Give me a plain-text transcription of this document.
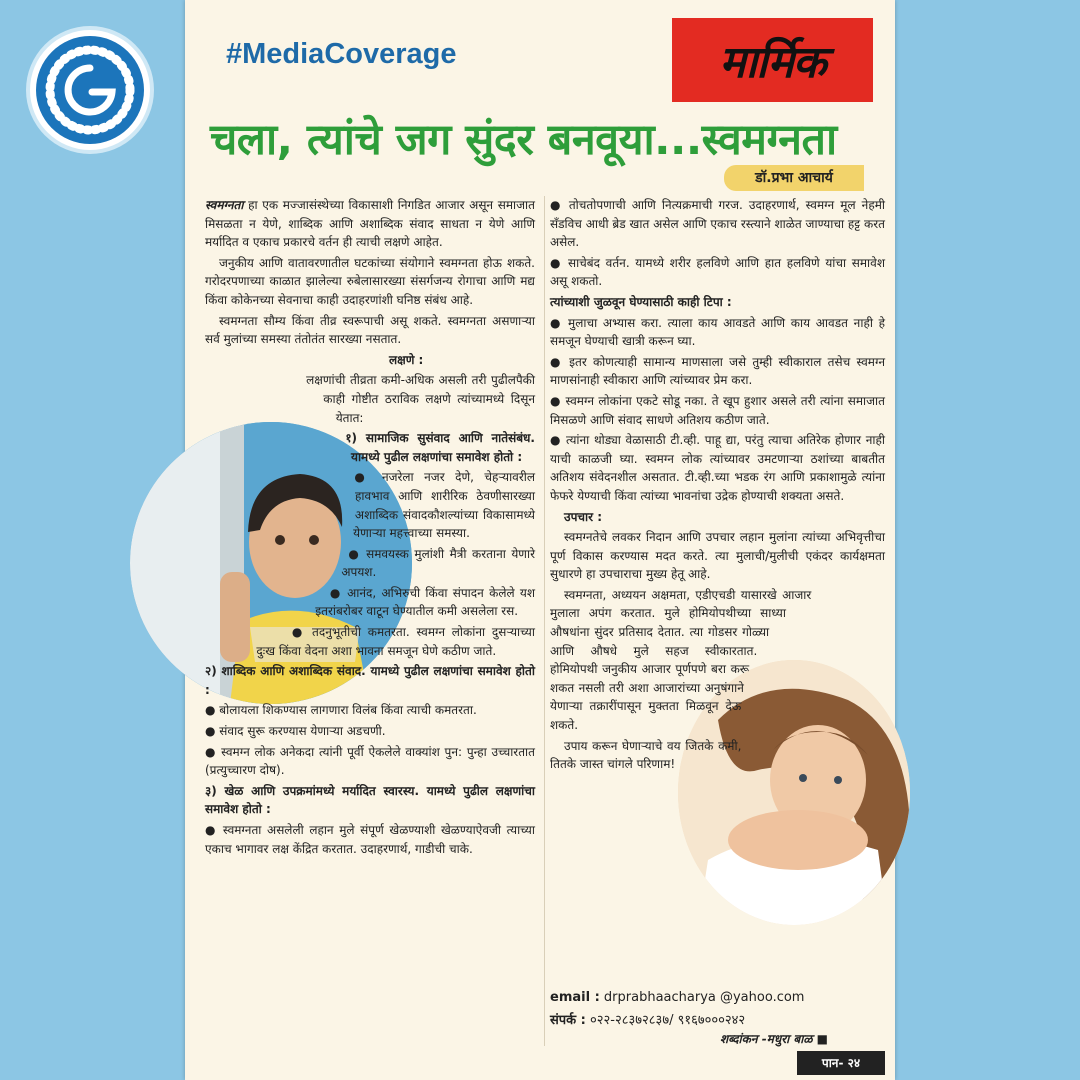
#MediaCoverage	मार्मिक
चला, त्यांचे जग सुंदर बनवूया...स्वमग्नता
डॉ.प्रभा आचार्य

स्वमग्नता हा एक मज्जासंस्थेच्या विकासाशी निगडित आजार असून समाजात मिसळता न येणे, शाब्दिक आणि अशाब्दिक संवाद साधता न येणे आणि मर्यादित व एकाच प्रकारचे वर्तन ही त्याची लक्षणे आहेत.

जनुकीय आणि वातावरणातील घटकांच्या संयोगाने स्वमग्नता होऊ शकते. गरोदरपणाच्या काळात झालेल्या रुबेलासारख्या संसर्गजन्य रोगाचा आणि मद्य किंवा कोकेनच्या सेवनाचा काही उदाहरणांशी घनिष्ठ संबंध आहे.

स्वमग्नता सौम्य किंवा तीव्र स्वरूपाची असू शकते. स्वमग्नता असणाऱ्या सर्व मुलांच्या समस्या तंतोतंत सारख्या नसतात.

लक्षणे :

लक्षणांची तीव्रता कमी-अधिक असली तरी पुढीलपैकी काही गोष्टीत ठराविक लक्षणे त्यांच्यामध्ये दिसून येतात:

१) सामाजिक सुसंवाद आणि नातेसंबंध. यामध्ये पुढील लक्षणांचा समावेश होतो :

● नजरेला नजर देणे, चेहऱ्यावरील हावभाव आणि शारीरिक ठेवणीसारख्या अशाब्दिक संवादकौशल्यांच्या विकासामध्ये येणाऱ्या महत्त्वाच्या समस्या.

● समवयस्क मुलांशी मैत्री करताना येणारे अपयश.

● आनंद, अभिरुची किंवा संपादन केलेले यश इतरांबरोबर वाटून घेण्यातील कमी असलेला रस.

● तदनुभूतीची कमतरता. स्वमग्न लोकांना दुसऱ्याच्या दुःख किंवा वेदना अशा भावना समजून घेणे कठीण जाते.

२) शाब्दिक आणि अशाब्दिक संवाद. यामध्ये पुढील लक्षणांचा समावेश होतो :

● बोलायला शिकण्यास लागणारा विलंब किंवा त्याची कमतरता.

● संवाद सुरू करण्यास येणाऱ्या अडचणी.

● स्वमग्न लोक अनेकदा त्यांनी पूर्वी ऐकलेले वाक्यांश पुन: पुन्हा उच्चारतात (प्रत्युच्चारण दोष).

३) खेळ आणि उपक्रमांमध्ये मर्यादित स्वारस्य. यामध्ये पुढील लक्षणांचा समावेश होतो :

● स्वमग्नता असलेली लहान मुले संपूर्ण खेळण्याशी खेळण्याऐवजी त्याच्या एकाच भागावर लक्ष केंद्रित करतात. उदाहरणार्थ, गाडीची चाके.

● तोचतोपणाची आणि नित्यक्रमाची गरज. उदाहरणार्थ, स्वमग्न मूल नेहमी सँडविच आधी ब्रेड खात असेल आणि एकाच रस्त्याने शाळेत जाण्याचा हट्ट करत असेल.

● साचेबंद वर्तन. यामध्ये शरीर हलविणे आणि हात हलविणे यांचा समावेश असू शकतो.

त्यांच्याशी जुळवून घेण्यासाठी काही टिपा :

● मुलाचा अभ्यास करा. त्याला काय आवडते आणि काय आवडत नाही हे समजून घेण्याची खात्री करून घ्या.

● इतर कोणत्याही सामान्य माणसाला जसे तुम्ही स्वीकाराल तसेच स्वमग्न माणसांनाही स्वीकारा आणि त्यांच्यावर प्रेम करा.

● स्वमग्न लोकांना एकटे सोडू नका. ते खूप हुशार असले तरी त्यांना समाजात मिसळणे आणि संवाद साधणे अतिशय कठीण जाते.

● त्यांना थोड्या वेळासाठी टी.व्ही. पाहू द्या, परंतु त्याचा अतिरेक होणार नाही याची काळजी घ्या. स्वमग्न लोक त्यांच्यावर उमटणाऱ्या ठशांच्या बाबतीत अतिशय संवेदनशील असतात. टी.व्ही.च्या भडक रंग आणि प्रकाशामुळे त्यांना फेफरे येण्याची किंवा त्यांच्या भावनांचा उद्रेक होण्याची शक्यता असते.

उपचार :

स्वमग्नतेचे लवकर निदान आणि उपचार लहान मुलांना त्यांच्या अभिवृत्तीचा पूर्ण विकास करण्यास मदत करते. त्या मुलाची/मुलीची एकंदर कार्यक्षमता सुधारणे हा उपचाराचा मुख्य हेतू आहे.

स्वमग्नता, अध्ययन अक्षमता, एडीएचडी यासारखे आजार मुलाला अपंग करतात. मुले होमियोपथीच्या साध्या औषधांना सुंदर प्रतिसाद देतात. त्या गोडसर गोळ्या आणि औषधे मुले सहज स्वीकारतात. होमियोपथी जनुकीय आजार पूर्णपणे बरा करू शकत नसली तरी अशा आजारांच्या अनुषंगाने येणाऱ्या तक्रारींपासून मुक्तता मिळवून देऊ शकते.

उपाय करून घेणाऱ्याचे वय जितके कमी, तितके जास्त चांगले परिणाम!

email : drprabhaacharya @yahoo.com
संपर्क : ०२२-२८३७२८३७/ ९१६७०००२४२
शब्दांकन -मधुरा बाळ ■
पान- २४
